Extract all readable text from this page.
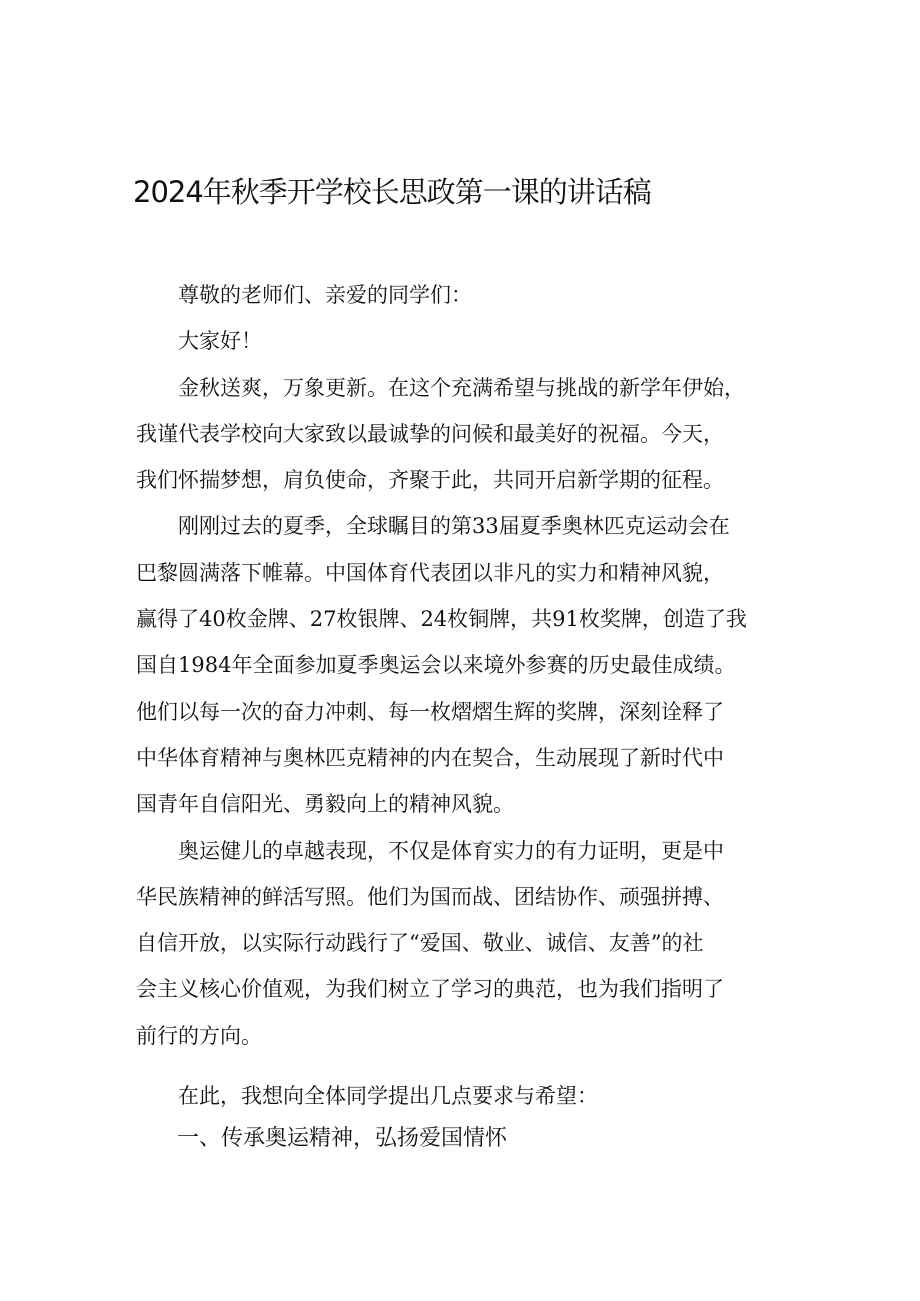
2024年秋季开学校长思政第一课的讲话稿
尊敬的老师们、亲爱的同学们：
大家好！
金秋送爽，万象更新。在这个充满希望与挑战的新学年伊始，
我谨代表学校向大家致以最诚挚的问候和最美好的祝福。今天，
我们怀揣梦想，肩负使命，齐聚于此，共同开启新学期的征程。
刚刚过去的夏季，全球瞩目的第33届夏季奥林匹克运动会在
巴黎圆满落下帷幕。中国体育代表团以非凡的实力和精神风貌，
赢得了40枚金牌、27枚银牌、24枚铜牌，共91枚奖牌，创造了我
国自1984年全面参加夏季奥运会以来境外参赛的历史最佳成绩。
他们以每一次的奋力冲刺、每一枚熠熠生辉的奖牌，深刻诠释了
中华体育精神与奥林匹克精神的内在契合，生动展现了新时代中
国青年自信阳光、勇毅向上的精神风貌。
奥运健儿的卓越表现，不仅是体育实力的有力证明，更是中
华民族精神的鲜活写照。他们为国而战、团结协作、顽强拼搏、
自信开放，以实际行动践行了“爱国、敬业、诚信、友善”的社
会主义核心价值观，为我们树立了学习的典范，也为我们指明了
前行的方向。
在此，我想向全体同学提出几点要求与希望：
一、传承奥运精神，弘扬爱国情怀
